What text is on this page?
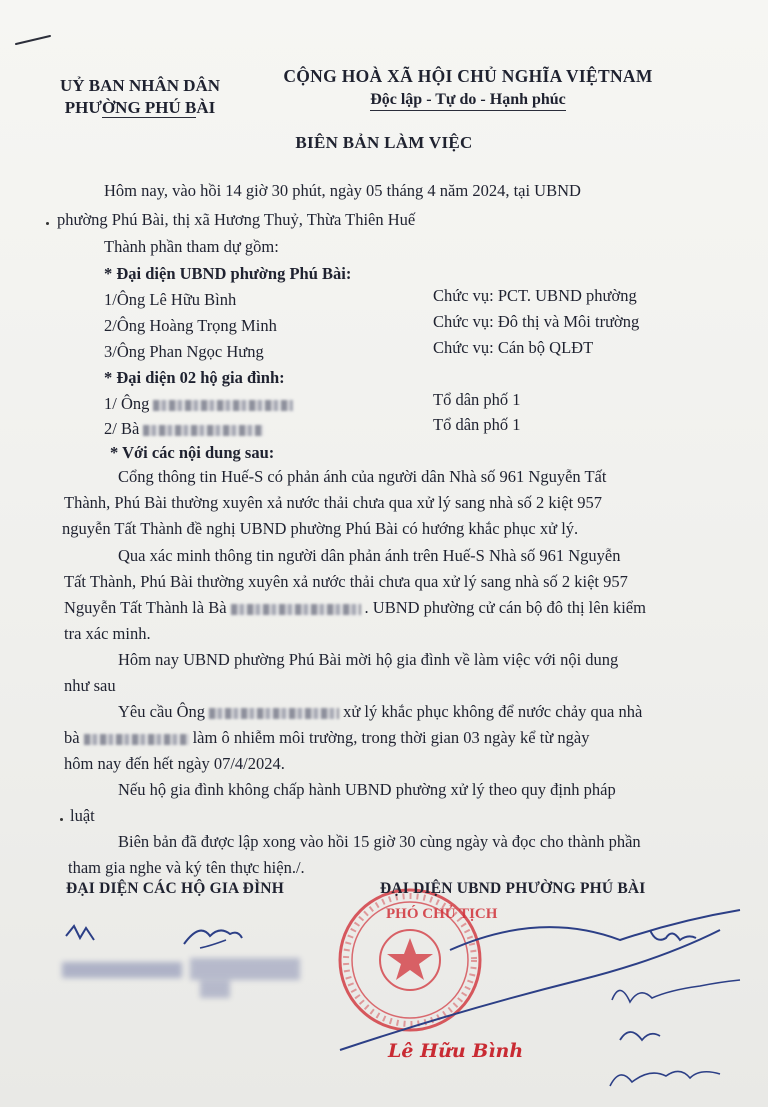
UỶ BAN NHÂN DÂN
PHƯỜNG PHÚ BÀI
CỘNG HOÀ XÃ HỘI CHỦ NGHĨA VIỆTNAM
Độc lập - Tự do - Hạnh phúc
BIÊN BẢN LÀM VIỆC
Hôm nay, vào hồi 14 giờ 30 phút, ngày 05 tháng 4 năm 2024, tại UBND
phường Phú Bài, thị xã Hương Thuỷ, Thừa Thiên Huế
Thành phần tham dự gồm:
* Đại diện UBND phường Phú Bài:
1/Ông Lê Hữu Bình	Chức vụ: PCT. UBND phường
2/Ông Hoàng Trọng Minh	Chức vụ: Đô thị và Môi trường
3/Ông Phan Ngọc Hưng	Chức vụ: Cán bộ QLĐT
* Đại diện 02 hộ gia đình:
1/ Ông	Tổ dân phố 1
2/ Bà	Tổ dân phố 1
* Với các nội dung sau:
Cổng thông tin Huế-S có phản ánh của người dân Nhà số 961 Nguyễn Tất
Thành, Phú Bài thường xuyên xả nước thải chưa qua xử lý sang nhà số 2 kiệt 957
nguyễn Tất Thành đề nghị UBND phường Phú Bài có hướng khắc phục xử lý.
Qua xác minh thông tin người dân phản ánh trên Huế-S Nhà số 961 Nguyễn
Tất Thành, Phú Bài thường xuyên xả nước thải chưa qua xử lý sang nhà số 2 kiệt 957
Nguyễn Tất Thành là Bà	. UBND phường cử cán bộ đô thị lên kiểm
tra xác minh.
Hôm nay UBND phường Phú Bài mời hộ gia đình về làm việc với nội dung
như sau
Yêu cầu Ông	xử lý khắc phục không để nước chảy qua nhà
bà	làm ô nhiễm môi trường, trong thời gian 03 ngày kể từ ngày
hôm nay đến hết ngày 07/4/2024.
Nếu hộ gia đình không chấp hành UBND phường xử lý theo quy định pháp
luật
Biên bản đã được lập xong vào hồi 15 giờ 30 cùng ngày và đọc cho thành phần
tham gia nghe và ký tên thực hiện./.
ĐẠI DIỆN CÁC HỘ GIA ĐÌNH	ĐẠI DIỆN UBND PHƯỜNG PHÚ BÀI
PHÓ CHỦ TỊCH
Lê Hữu Bình
